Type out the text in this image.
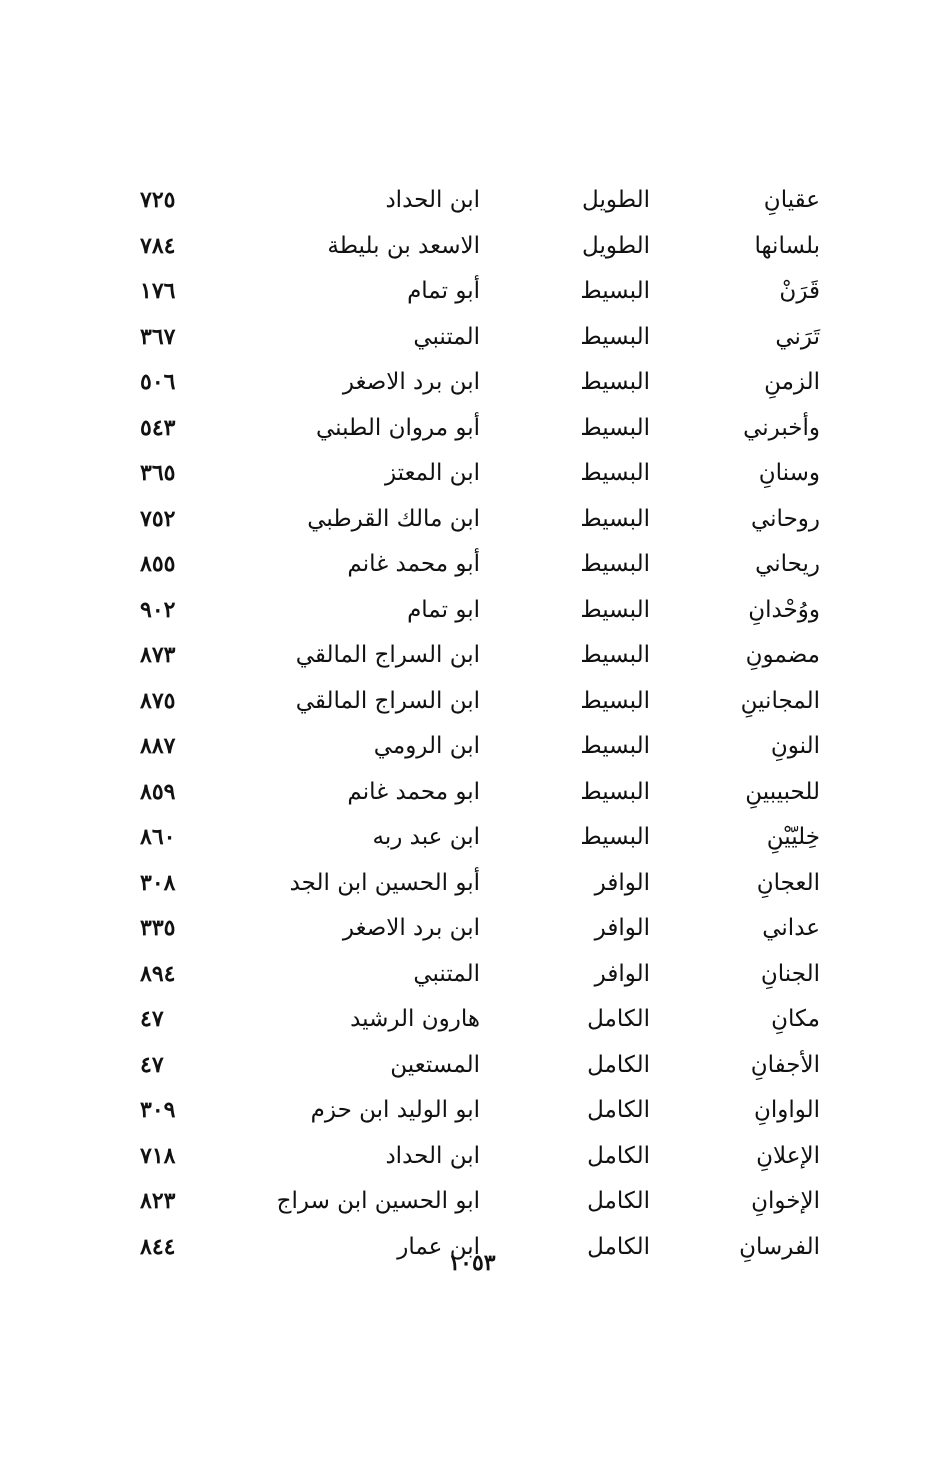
عقيانِ
الطويل
ابن الحداد
٧٢٥
بلسانها
الطويل
الاسعد بن بليطة
٧٨٤
قَرَنْ
البسيط
أبو تمام
١٧٦
تَرَني
البسيط
المتنبي
٣٦٧
الزمنِ
البسيط
ابن برد الاصغر
٥٠٦
وأخبرني
البسيط
أبو مروان الطبني
٥٤٣
وسنانِ
البسيط
ابن المعتز
٣٦٥
روحاني
البسيط
ابن مالك القرطبي
٧٥٢
ريحاني
البسيط
أبو محمد غانم
٨٥٥
ووُحْدانِ
البسيط
ابو تمام
٩٠٢
مضمونِ
البسيط
ابن السراج المالقي
٨٧٣
المجانينِ
البسيط
ابن السراج المالقي
٨٧٥
النونِ
البسيط
ابن الرومي
٨٨٧
للحبيبينِ
البسيط
ابو محمد غانم
٨٥٩
خِليّيْنِ
البسيط
ابن عبد ربه
٨٦٠
العجانِ
الوافر
أبو الحسين ابن الجد
٣٠٨
عداني
الوافر
ابن برد الاصغر
٣٣٥
الجنانِ
الوافر
المتنبي
٨٩٤
مكانِ
الكامل
هارون الرشيد
٤٧
الأجفانِ
الكامل
المستعين
٤٧
الواوانِ
الكامل
ابو الوليد ابن حزم
٣٠٩
الإعلانِ
الكامل
ابن الحداد
٧١٨
الإخوانِ
الكامل
ابو الحسين ابن سراج
٨٢٣
الفرسانِ
الكامل
ابن عمار
٨٤٤
١٠٥٣
